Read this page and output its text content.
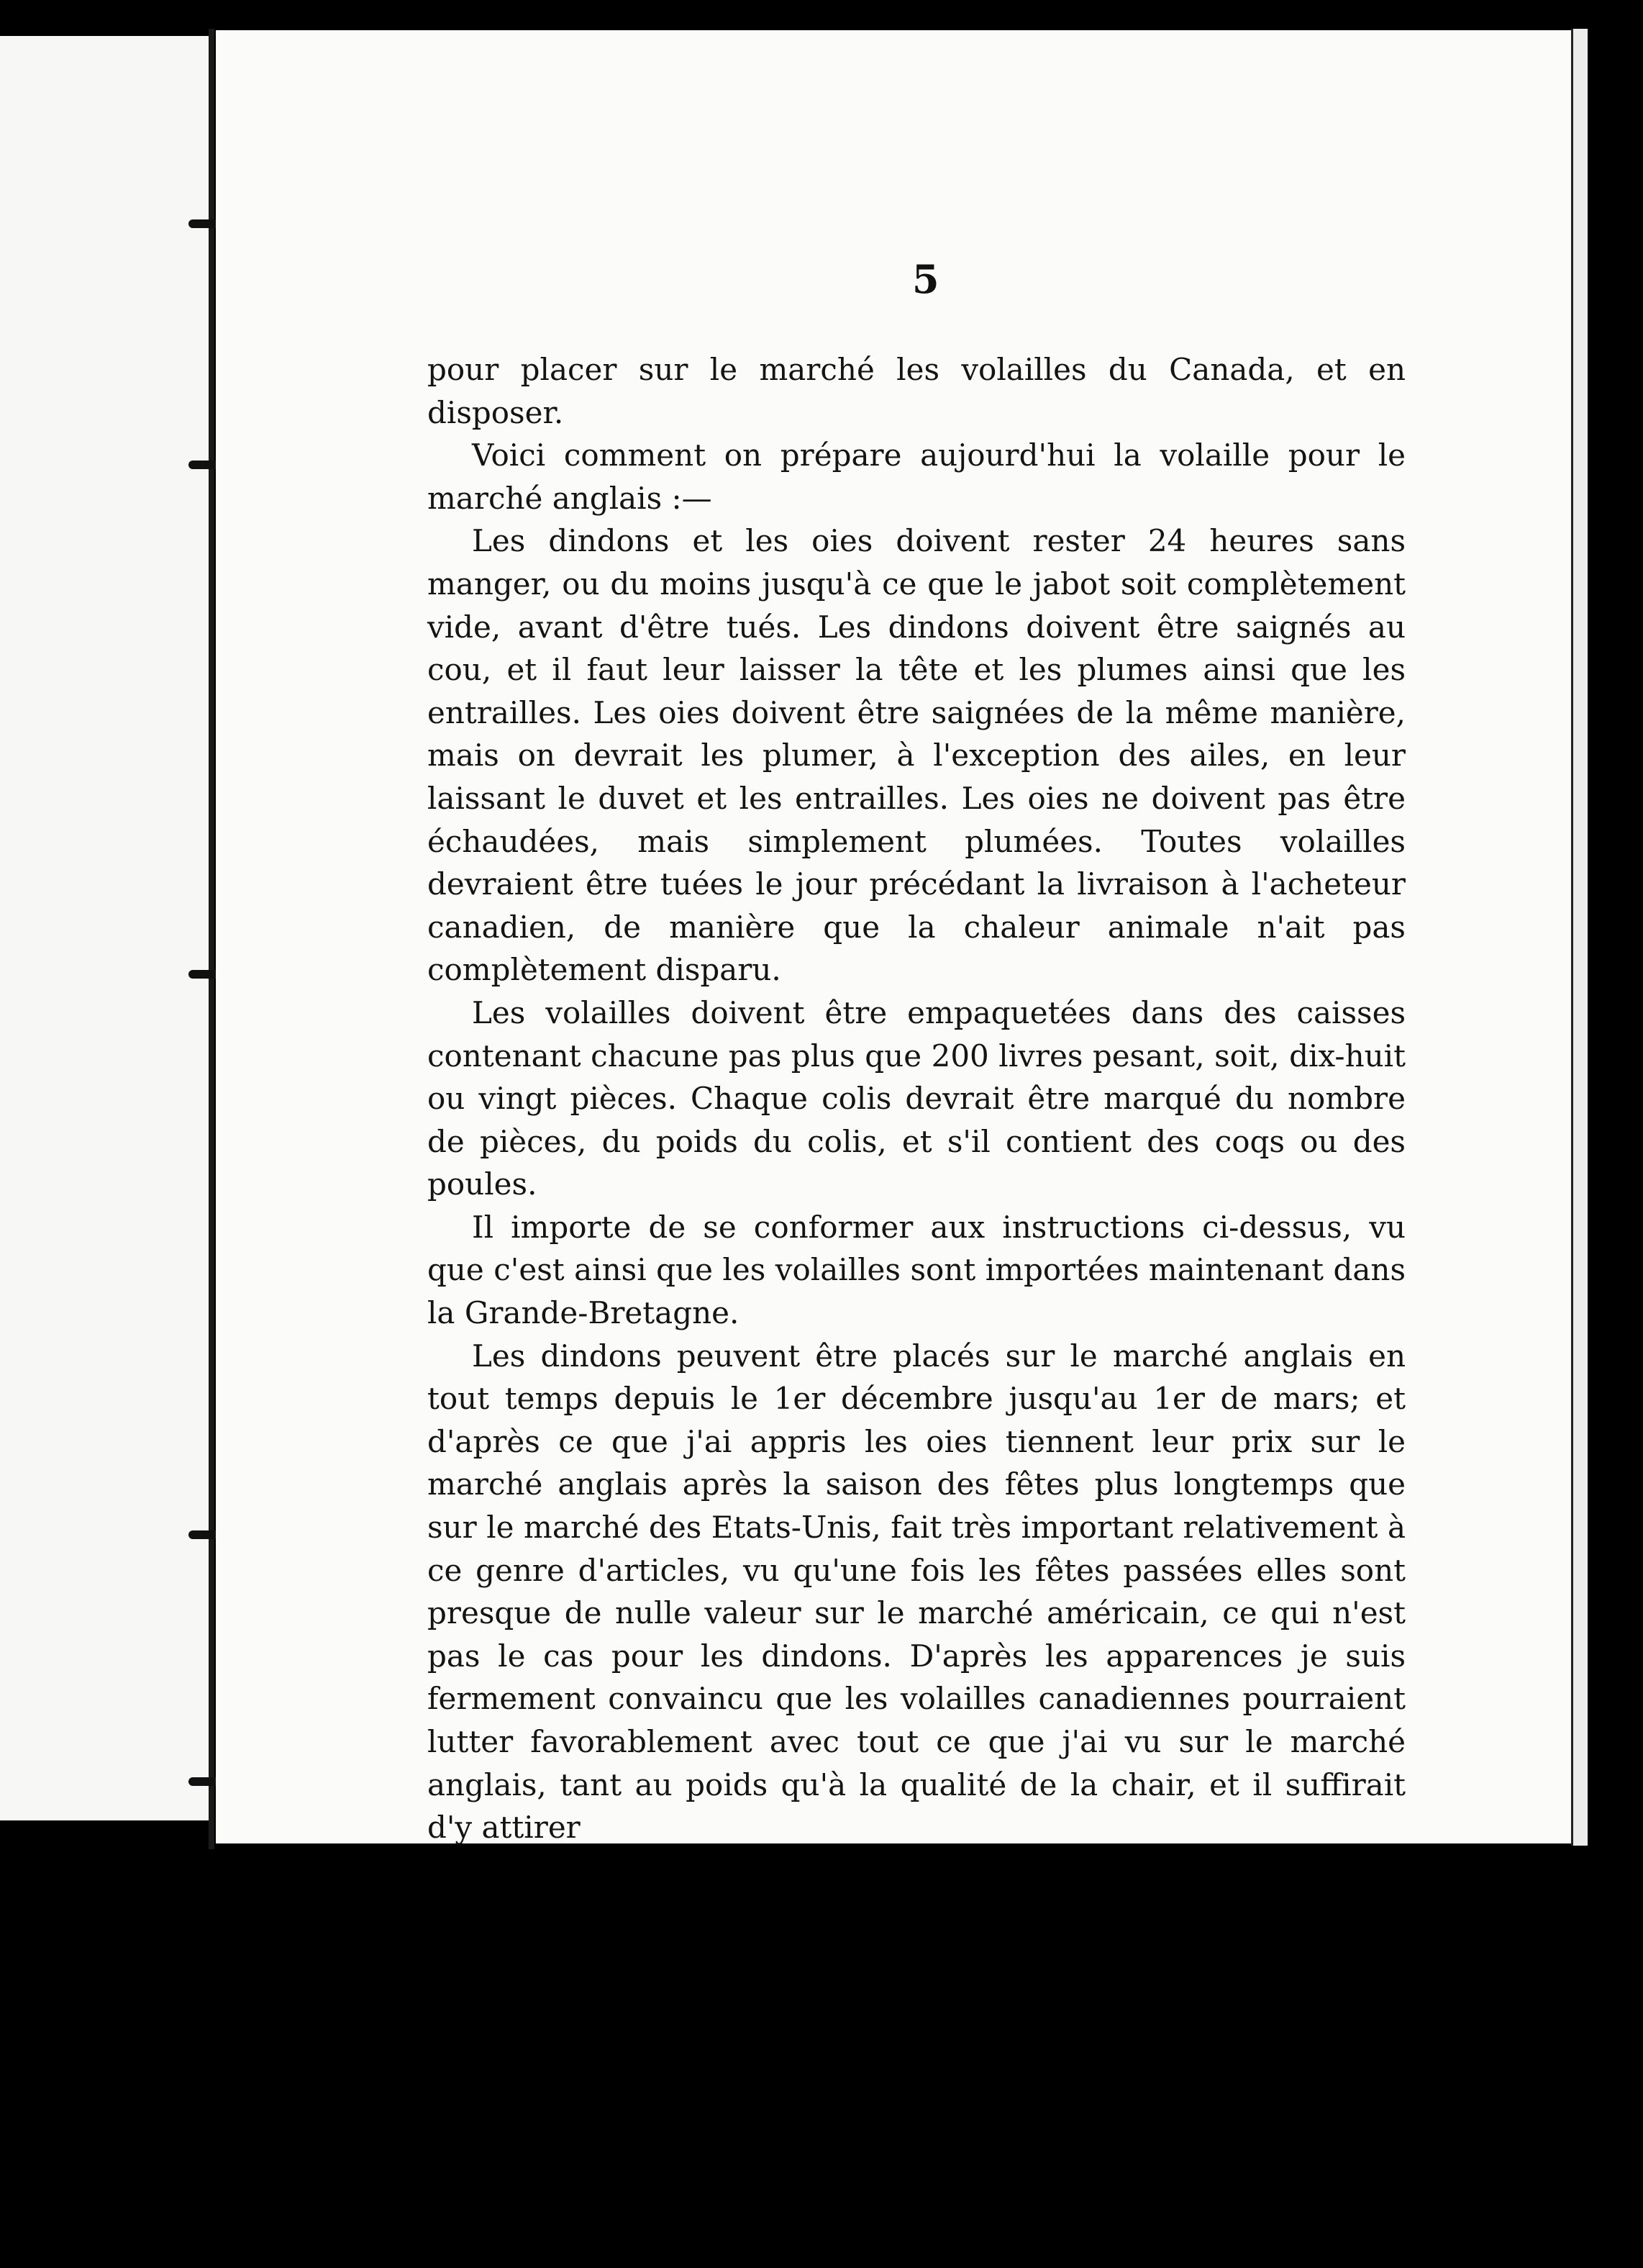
5

pour placer sur le marché les volailles du Canada, et en disposer.

Voici comment on prépare aujourd'hui la volaille pour le marché anglais :—

Les dindons et les oies doivent rester 24 heures sans manger, ou du moins jusqu'à ce que le jabot soit complètement vide, avant d'être tués. Les dindons doivent être saignés au cou, et il faut leur laisser la tête et les plumes ainsi que les entrailles. Les oies doivent être saignées de la même manière, mais on devrait les plumer, à l'exception des ailes, en leur laissant le duvet et les entrailles. Les oies ne doivent pas être échaudées, mais simplement plumées. Toutes volailles devraient être tuées le jour précédant la livraison à l'acheteur canadien, de manière que la chaleur animale n'ait pas complètement disparu.

Les volailles doivent être empaquetées dans des caisses contenant chacune pas plus que 200 livres pesant, soit, dix-huit ou vingt pièces. Chaque colis devrait être marqué du nombre de pièces, du poids du colis, et s'il contient des coqs ou des poules.

Il importe de se conformer aux instructions ci-dessus, vu que c'est ainsi que les volailles sont importées maintenant dans la Grande-Bretagne.

Les dindons peuvent être placés sur le marché anglais en tout temps depuis le 1er décembre jusqu'au 1er de mars; et d'après ce que j'ai appris les oies tiennent leur prix sur le marché anglais après la saison des fêtes plus longtemps que sur le marché des Etats-Unis, fait très important relativement à ce genre d'articles, vu qu'une fois les fêtes passées elles sont presque de nulle valeur sur le marché américain, ce qui n'est pas le cas pour les dindons. D'après les apparences je suis fermement convaincu que les volailles canadiennes pourraient lutter favorablement avec tout ce que j'ai vu sur le marché anglais, tant au poids qu'à la qualité de la chair, et il suffirait d'y attirer
